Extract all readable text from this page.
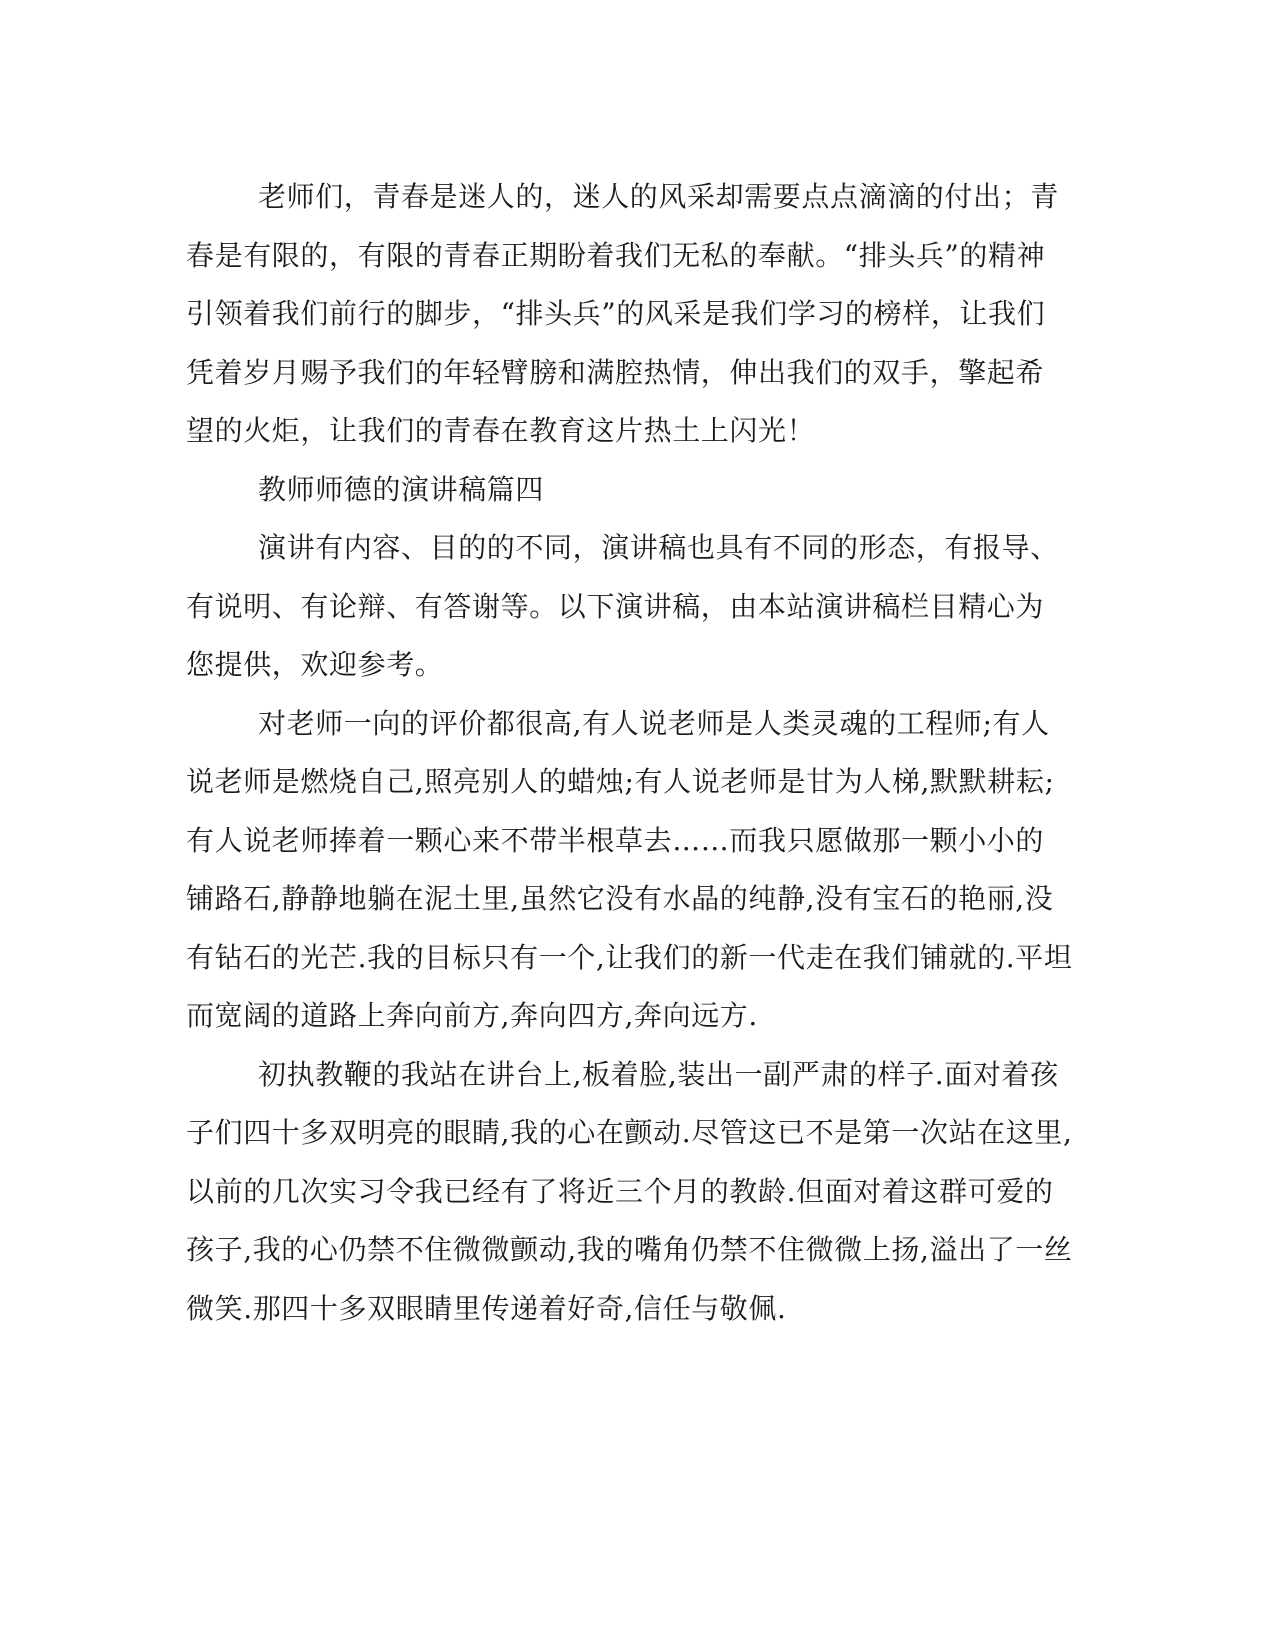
老师们，青春是迷人的，迷人的风采却需要点点滴滴的付出；青
春是有限的，有限的青春正期盼着我们无私的奉献。“排头兵”的精神
引领着我们前行的脚步，“排头兵”的风采是我们学习的榜样，让我们
凭着岁月赐予我们的年轻臂膀和满腔热情，伸出我们的双手，擎起希
望的火炬，让我们的青春在教育这片热土上闪光！
教师师德的演讲稿篇四
演讲有内容、目的的不同，演讲稿也具有不同的形态，有报导、
有说明、有论辩、有答谢等。以下演讲稿，由本站演讲稿栏目精心为
您提供，欢迎参考。
对老师一向的评价都很高,有人说老师是人类灵魂的工程师;有人
说老师是燃烧自己,照亮别人的蜡烛;有人说老师是甘为人梯,默默耕耘;
有人说老师捧着一颗心来不带半根草去……而我只愿做那一颗小小的
铺路石,静静地躺在泥土里,虽然它没有水晶的纯静,没有宝石的艳丽,没
有钻石的光芒.我的目标只有一个,让我们的新一代走在我们铺就的.平坦
而宽阔的道路上奔向前方,奔向四方,奔向远方.
初执教鞭的我站在讲台上,板着脸,装出一副严肃的样子.面对着孩
子们四十多双明亮的眼睛,我的心在颤动.尽管这已不是第一次站在这里,
以前的几次实习令我已经有了将近三个月的教龄.但面对着这群可爱的
孩子,我的心仍禁不住微微颤动,我的嘴角仍禁不住微微上扬,溢出了一丝
微笑.那四十多双眼睛里传递着好奇,信任与敬佩.
